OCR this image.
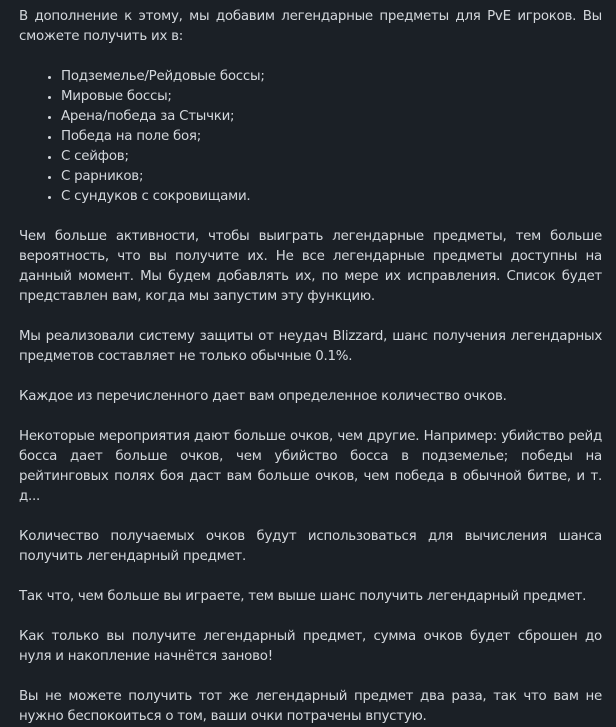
В дополнение к этому, мы добавим легендарные предметы для PvE игроков. Вы сможете получить их в:

• Подземелье/Рейдовые боссы;
• Мировые боссы;
• Арена/победа за Стычки;
• Победа на поле боя;
• С сейфов;
• С рарников;
• С сундуков с сокровищами.

Чем больше активности, чтобы выиграть легендарные предметы, тем больше вероятность, что вы получите их. Не все легендарные предметы доступны на данный момент. Мы будем добавлять их, по мере их исправления. Список будет представлен вам, когда мы запустим эту функцию.

Мы реализовали систему защиты от неудач Blizzard, шанс получения легендарных предметов составляет не только обычные 0.1%.

Каждое из перечисленного дает вам определенное количество очков.

Некоторые мероприятия дают больше очков, чем другие. Например: убийство рейд босса дает больше очков, чем убийство босса в подземелье; победы на рейтинговых полях боя даст вам больше очков, чем победа в обычной битве, и т. д...

Количество получаемых очков будут использоваться для вычисления шанса получить легендарный предмет.

Так что, чем больше вы играете, тем выше шанс получить легендарный предмет.

Как только вы получите легендарный предмет, сумма очков будет сброшен до нуля и накопление начнётся заново!

Вы не можете получить тот же легендарный предмет два раза, так что вам не нужно беспокоиться о том, ваши очки потрачены впустую.
